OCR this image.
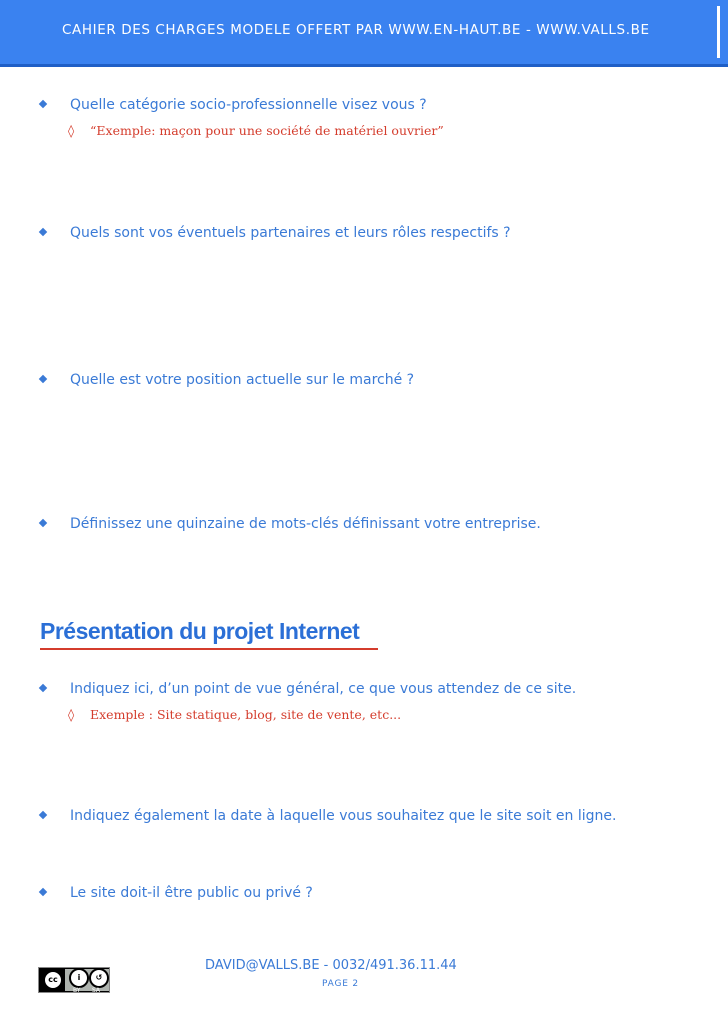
CAHIER DES CHARGES MODELE OFFERT PAR WWW.EN-HAUT.BE - WWW.VALLS.BE
Quelle catégorie socio-professionnelle visez vous ?
◊ “Exemple: maçon pour une société de matériel ouvrier”
Quels sont vos éventuels partenaires et leurs rôles respectifs ?
Quelle est votre position actuelle sur le marché ?
Définissez une quinzaine de mots-clés définissant votre entreprise.
Présentation du projet Internet
Indiquez ici, d’un point de vue général, ce que vous attendez de ce site.
◊ Exemple : Site statique, blog, site de vente, etc...
Indiquez également la date à laquelle vous souhaitez que le site soit en ligne.
Le site doit-il être public ou privé ?
cc	i	↺
BY SA
DAVID@VALLS.BE - 0032/491.36.11.44
PAGE 2
